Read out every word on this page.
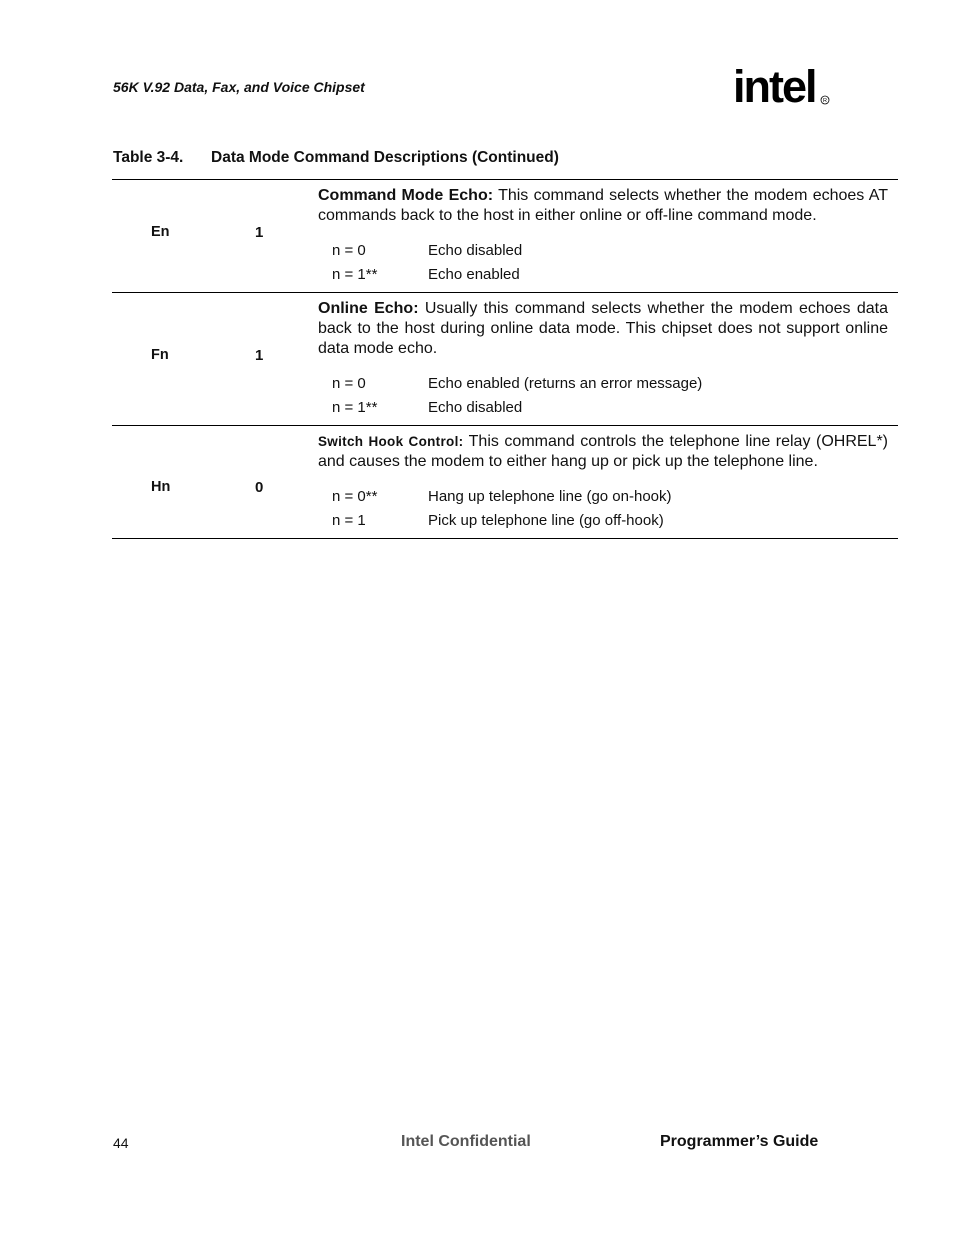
56K V.92 Data, Fax, and Voice Chipset	intel R
Table 3-4. Data Mode Command Descriptions (Continued)
En	1
Command Mode Echo: This command selects whether the modem echoes AT commands back to the host in either online or off-line command mode.
n = 0	Echo disabled
n = 1**	Echo enabled
Fn	1
Online Echo: Usually this command selects whether the modem echoes data back to the host during online data mode. This chipset does not support online data mode echo.
n = 0	Echo enabled (returns an error message)
n = 1**	Echo disabled
Hn	0
Switch Hook Control: This command controls the telephone line relay (OHREL*) and causes the modem to either hang up or pick up the telephone line.
n = 0**	Hang up telephone line (go on-hook)
n = 1	Pick up telephone line (go off-hook)
44	Intel Confidential	Programmer’s Guide
